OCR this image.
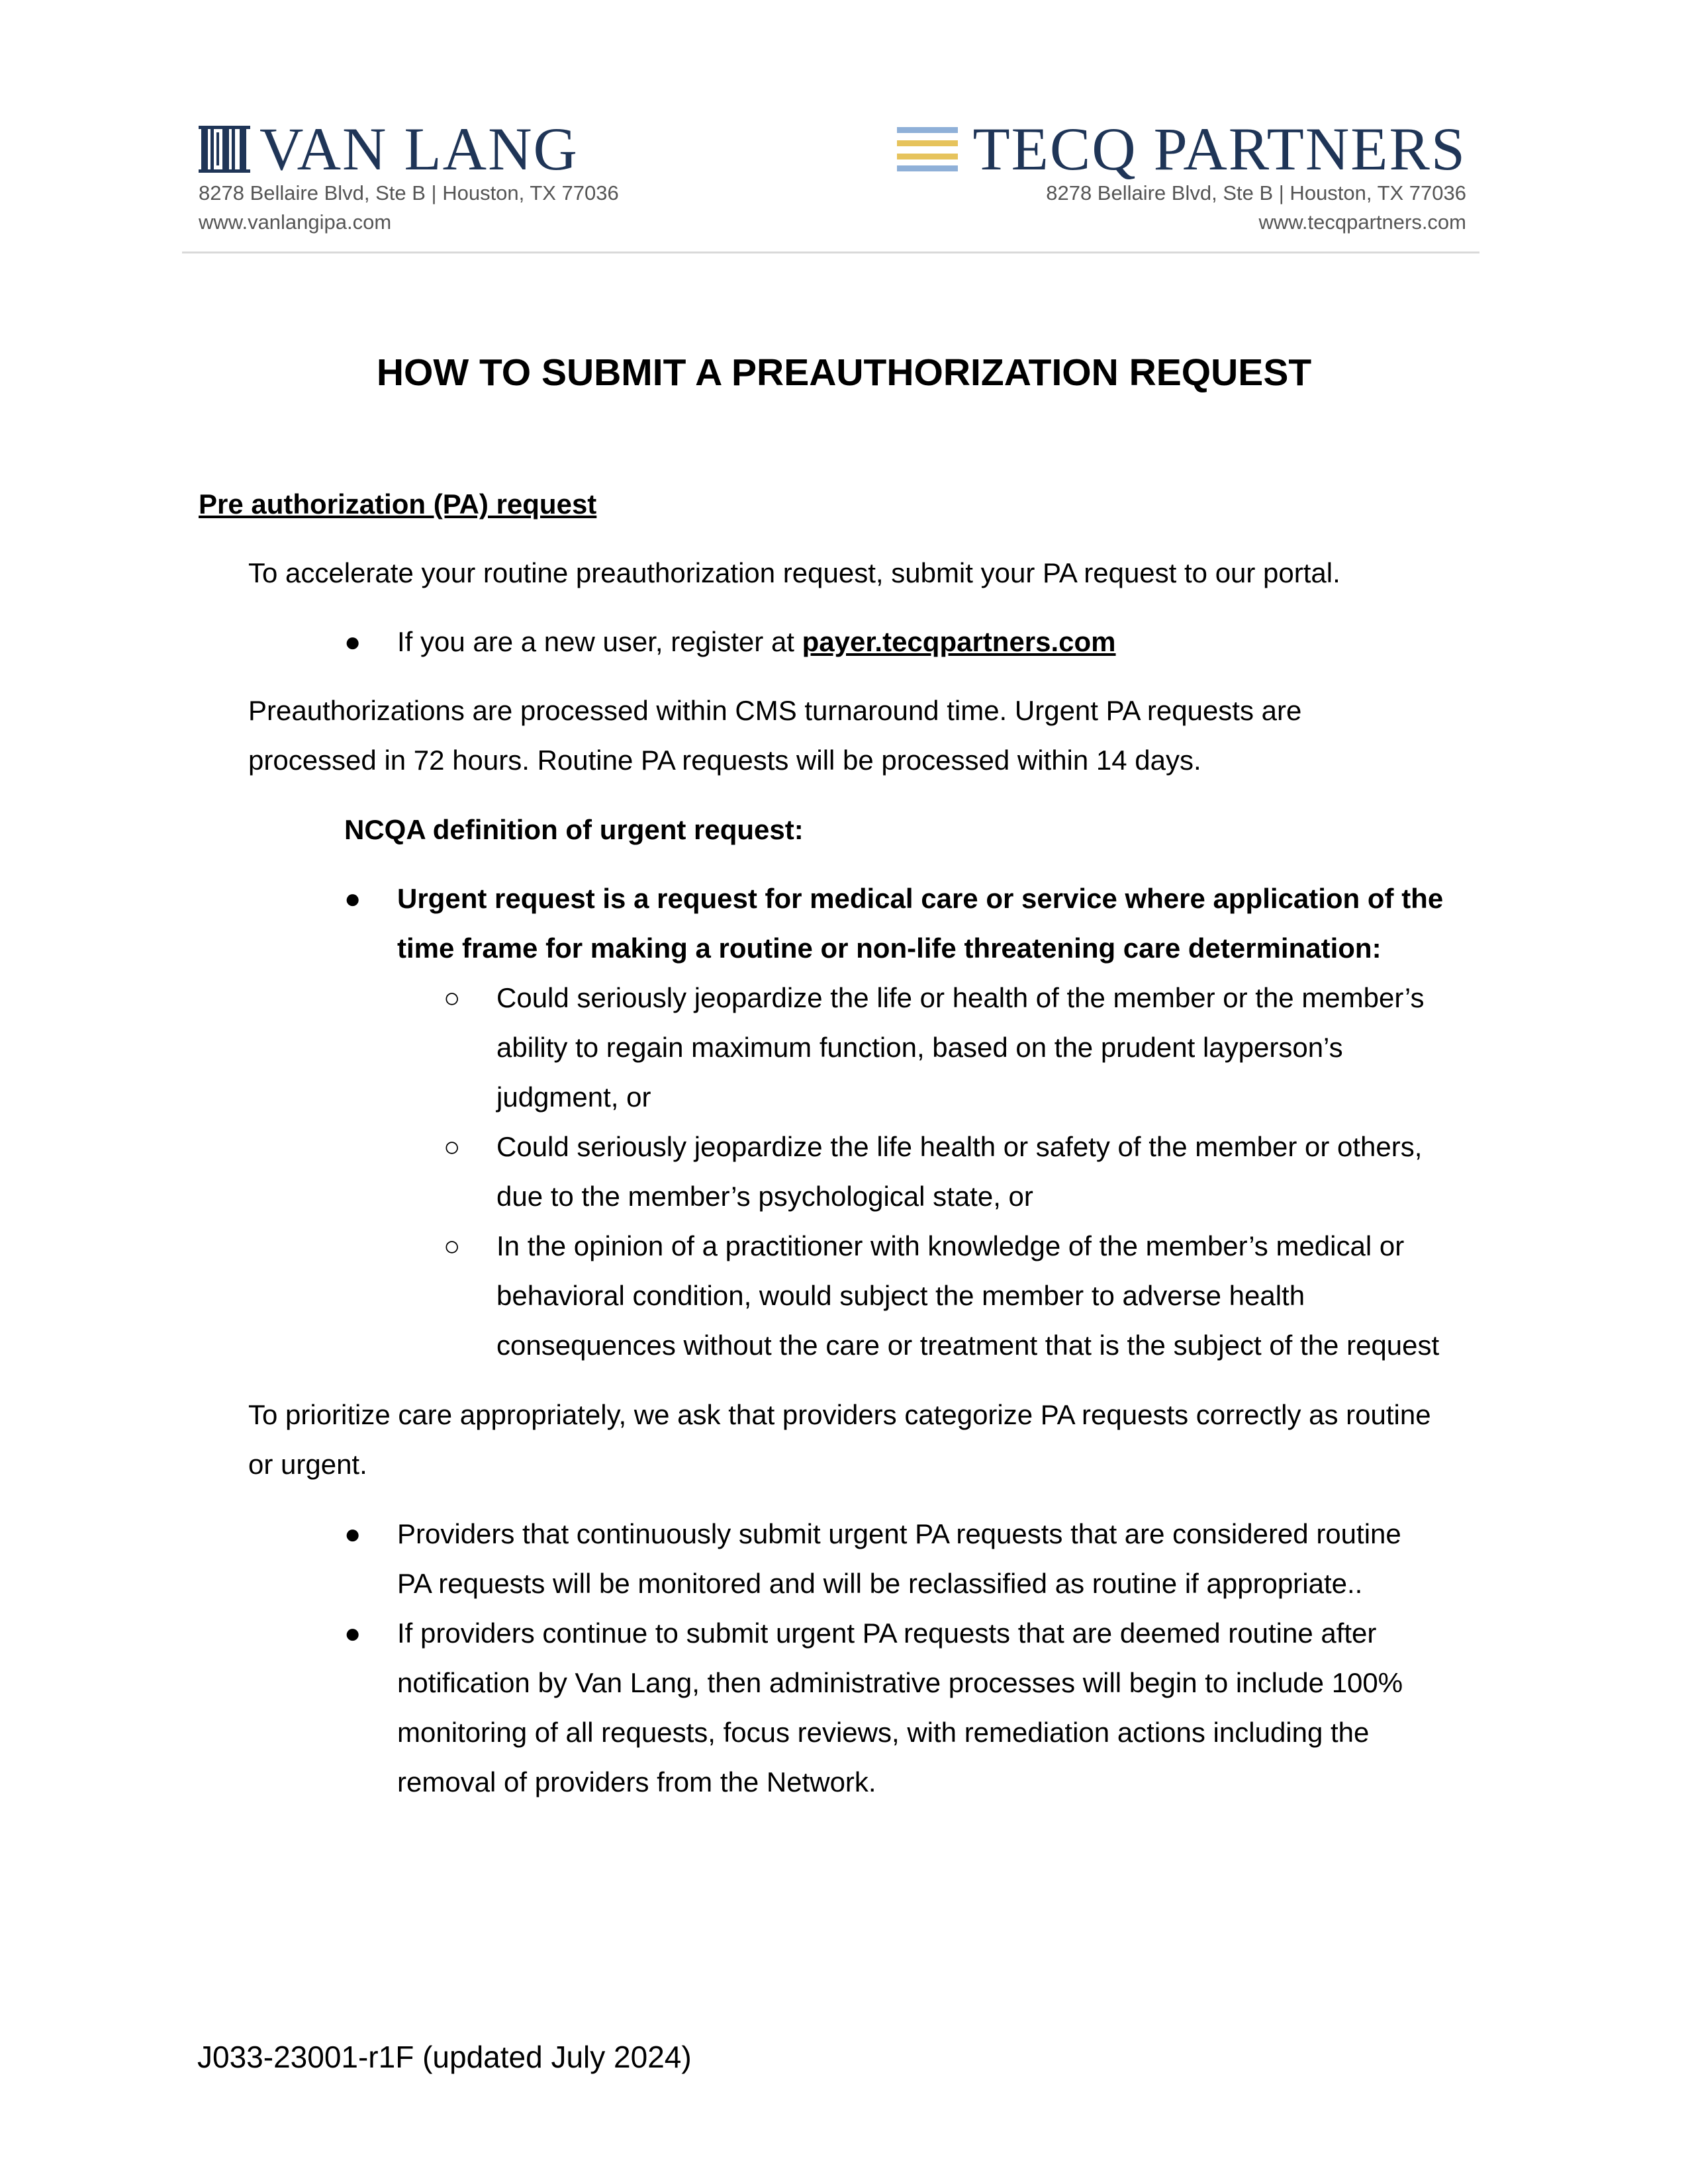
VAN LANG
8278 Bellaire Blvd, Ste B | Houston, TX 77036
www.vanlangipa.com
TECQ PARTNERS
8278 Bellaire Blvd, Ste B | Houston, TX 77036
www.tecqpartners.com
HOW TO SUBMIT A PREAUTHORIZATION REQUEST
Pre authorization (PA) request
To accelerate your routine preauthorization request, submit your PA request to our portal.
● If you are a new user, register at payer.tecqpartners.com
Preauthorizations are processed within CMS turnaround time. Urgent PA requests are
processed in 72 hours. Routine PA requests will be processed within 14 days.
NCQA definition of urgent request:
● Urgent request is a request for medical care or service where application of the
time frame for making a routine or non-life threatening care determination:
○ Could seriously jeopardize the life or health of the member or the member’s
ability to regain maximum function, based on the prudent layperson’s
judgment, or
○ Could seriously jeopardize the life health or safety of the member or others,
due to the member’s psychological state, or
○ In the opinion of a practitioner with knowledge of the member’s medical or
behavioral condition, would subject the member to adverse health
consequences without the care or treatment that is the subject of the request
To prioritize care appropriately, we ask that providers categorize PA requests correctly as routine
or urgent.
● Providers that continuously submit urgent PA requests that are considered routine
PA requests will be monitored and will be reclassified as routine if appropriate..
● If providers continue to submit urgent PA requests that are deemed routine after
notification by Van Lang, then administrative processes will begin to include 100%
monitoring of all requests, focus reviews, with remediation actions including the
removal of providers from the Network.
J033-23001-r1F (updated July 2024)
